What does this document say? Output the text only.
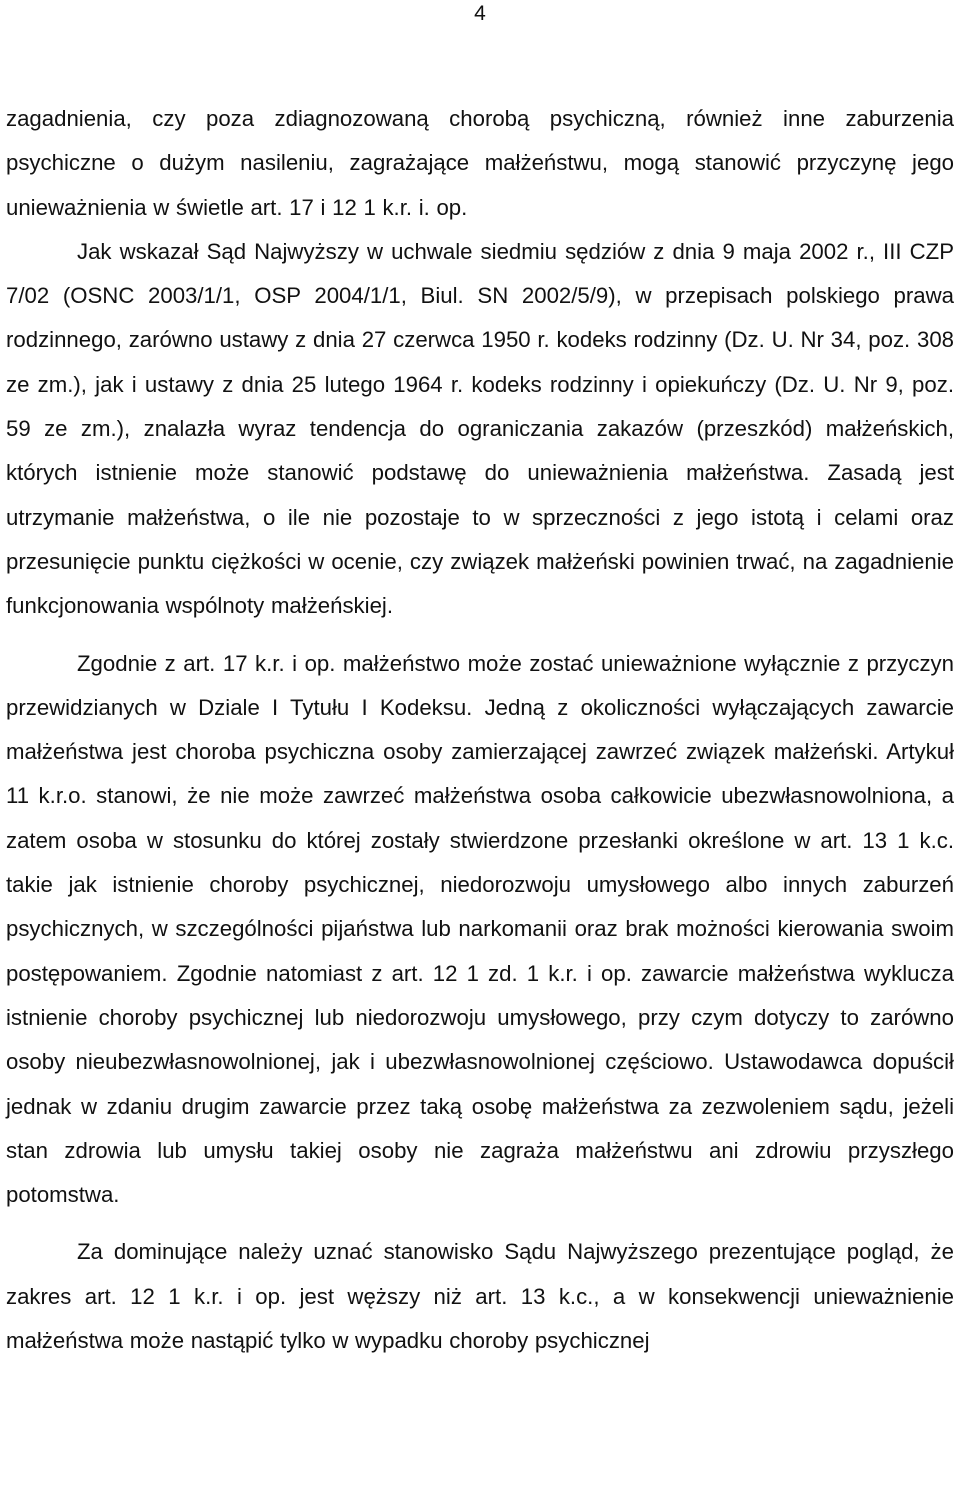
4

zagadnienia, czy poza zdiagnozowaną chorobą psychiczną, również inne zaburzenia psychiczne o dużym nasileniu, zagrażające małżeństwu, mogą stanowić przyczynę jego unieważnienia w świetle art. 17 i 12 1 k.r. i. op.

Jak wskazał Sąd Najwyższy w uchwale siedmiu sędziów z dnia 9 maja 2002 r., III CZP 7/02 (OSNC 2003/1/1, OSP 2004/1/1, Biul. SN 2002/5/9), w przepisach polskiego prawa rodzinnego, zarówno ustawy z dnia 27 czerwca 1950 r. kodeks rodzinny (Dz. U. Nr 34, poz. 308 ze zm.), jak i ustawy z dnia 25 lutego 1964 r. kodeks rodzinny i opiekuńczy (Dz. U. Nr 9, poz. 59 ze zm.), znalazła wyraz tendencja do ograniczania zakazów (przeszkód) małżeńskich, których istnienie może stanowić podstawę do unieważnienia małżeństwa. Zasadą jest utrzymanie małżeństwa, o ile nie pozostaje to w sprzeczności z jego istotą i celami oraz przesunięcie punktu ciężkości w ocenie, czy związek małżeński powinien trwać, na zagadnienie funkcjonowania wspólnoty małżeńskiej.

Zgodnie z art. 17 k.r. i op. małżeństwo może zostać unieważnione wyłącznie z przyczyn przewidzianych w Dziale I Tytułu I Kodeksu. Jedną z okoliczności wyłączających zawarcie małżeństwa jest choroba psychiczna osoby zamierzającej zawrzeć związek małżeński. Artykuł 11 k.r.o. stanowi, że nie może zawrzeć małżeństwa osoba całkowicie ubezwłasnowolniona, a zatem osoba w stosunku do której zostały stwierdzone przesłanki określone w art. 13 1 k.c. takie jak istnienie choroby psychicznej, niedorozwoju umysłowego albo innych zaburzeń psychicznych, w szczególności pijaństwa lub narkomanii oraz brak możności kierowania swoim postępowaniem. Zgodnie natomiast z art. 12 1 zd. 1 k.r. i op. zawarcie małżeństwa wyklucza istnienie choroby psychicznej lub niedorozwoju umysłowego, przy czym dotyczy to zarówno osoby nieubezwłasnowolnionej, jak i ubezwłasnowolnionej częściowo. Ustawodawca dopuścił jednak w zdaniu drugim zawarcie przez taką osobę małżeństwa za zezwoleniem sądu, jeżeli stan zdrowia lub umysłu takiej osoby nie zagraża małżeństwu ani zdrowiu przyszłego potomstwa.

Za dominujące należy uznać stanowisko Sądu Najwyższego prezentujące pogląd, że zakres art. 12 1 k.r. i op. jest węższy niż art. 13 k.c., a w konsekwencji unieważnienie małżeństwa może nastąpić tylko w wypadku choroby psychicznej
